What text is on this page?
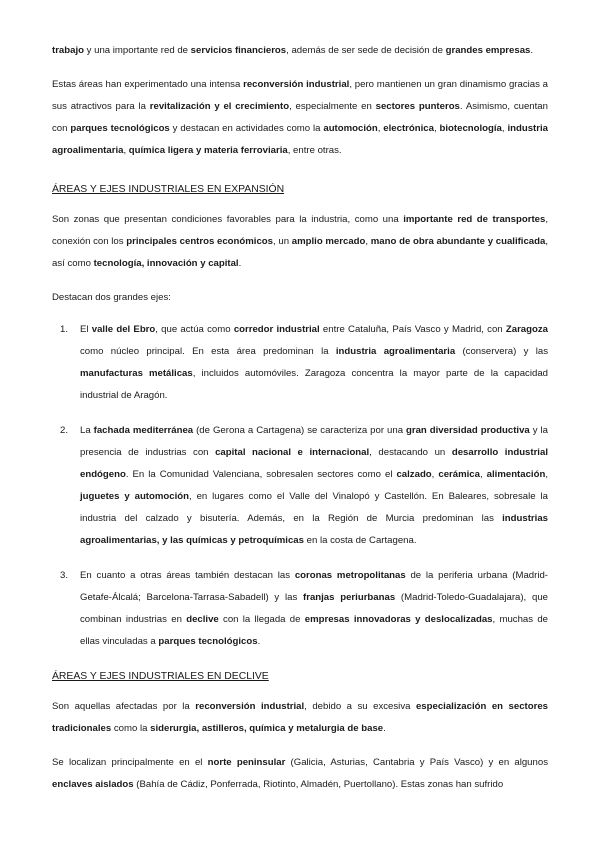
trabajo y una importante red de servicios financieros, además de ser sede de decisión de grandes empresas.

Estas áreas han experimentado una intensa reconversión industrial, pero mantienen un gran dinamismo gracias a sus atractivos para la revitalización y el crecimiento, especialmente en sectores punteros. Asimismo, cuentan con parques tecnológicos y destacan en actividades como la automoción, electrónica, biotecnología, industria agroalimentaria, química ligera y materia ferroviaria, entre otras.

ÁREAS Y EJES INDUSTRIALES EN EXPANSIÓN

Son zonas que presentan condiciones favorables para la industria, como una importante red de transportes, conexión con los principales centros económicos, un amplio mercado, mano de obra abundante y cualificada, así como tecnología, innovación y capital.

Destacan dos grandes ejes:

1. El valle del Ebro, que actúa como corredor industrial entre Cataluña, País Vasco y Madrid, con Zaragoza como núcleo principal. En esta área predominan la industria agroalimentaria (conservera) y las manufacturas metálicas, incluidos automóviles. Zaragoza concentra la mayor parte de la capacidad industrial de Aragón.

2. La fachada mediterránea (de Gerona a Cartagena) se caracteriza por una gran diversidad productiva y la presencia de industrias con capital nacional e internacional, destacando un desarrollo industrial endógeno. En la Comunidad Valenciana, sobresalen sectores como el calzado, cerámica, alimentación, juguetes y automoción, en lugares como el Valle del Vinalopó y Castellón. En Baleares, sobresale la industria del calzado y bisutería. Además, en la Región de Murcia predominan las industrias agroalimentarias, y las químicas y petroquímicas en la costa de Cartagena.

3. En cuanto a otras áreas también destacan las coronas metropolitanas de la periferia urbana (Madrid-Getafe-Álcalá; Barcelona-Tarrasa-Sabadell) y las franjas periurbanas (Madrid-Toledo-Guadalajara), que combinan industrias en declive con la llegada de empresas innovadoras y deslocalizadas, muchas de ellas vinculadas a parques tecnológicos.

ÁREAS Y EJES INDUSTRIALES EN DECLIVE

Son aquellas afectadas por la reconversión industrial, debido a su excesiva especialización en sectores tradicionales como la siderurgia, astilleros, química y metalurgia de base.

Se localizan principalmente en el norte peninsular (Galicia, Asturias, Cantabria y País Vasco) y en algunos enclaves aislados (Bahía de Cádiz, Ponferrada, Riotinto, Almadén, Puertollano). Estas zonas han sufrido
